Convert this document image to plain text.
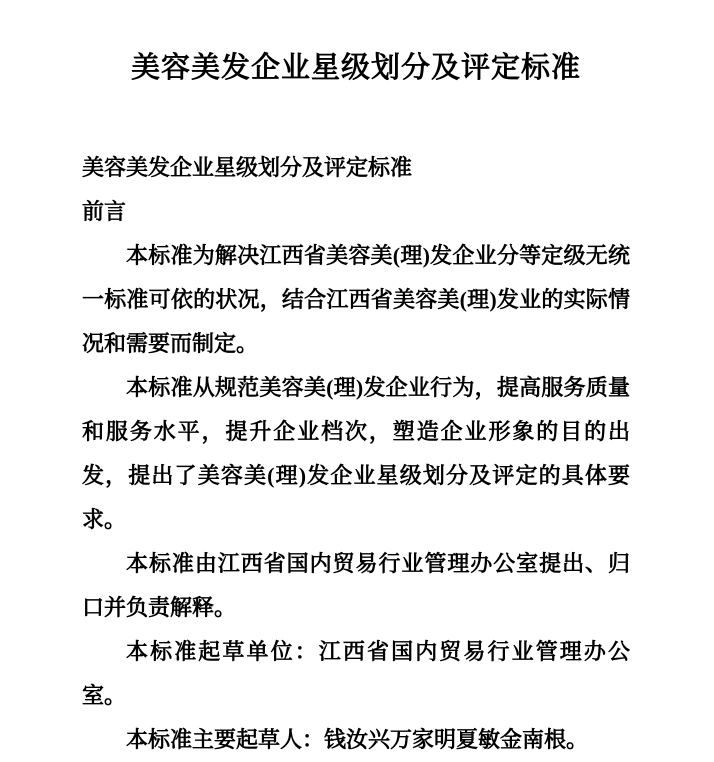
美容美发企业星级划分及评定标准

美容美发企业星级划分及评定标准

前言

本标准为解决江西省美容美(理)发企业分等定级无统一标准可依的状况，结合江西省美容美(理)发业的实际情况和需要而制定。

本标准从规范美容美(理)发企业行为，提高服务质量和服务水平，提升企业档次，塑造企业形象的目的出发，提出了美容美(理)发企业星级划分及评定的具体要求。

本标准由江西省国内贸易行业管理办公室提出、归口并负责解释。

本标准起草单位：江西省国内贸易行业管理办公室。

本标准主要起草人：钱汝兴万家明夏敏金南根。
